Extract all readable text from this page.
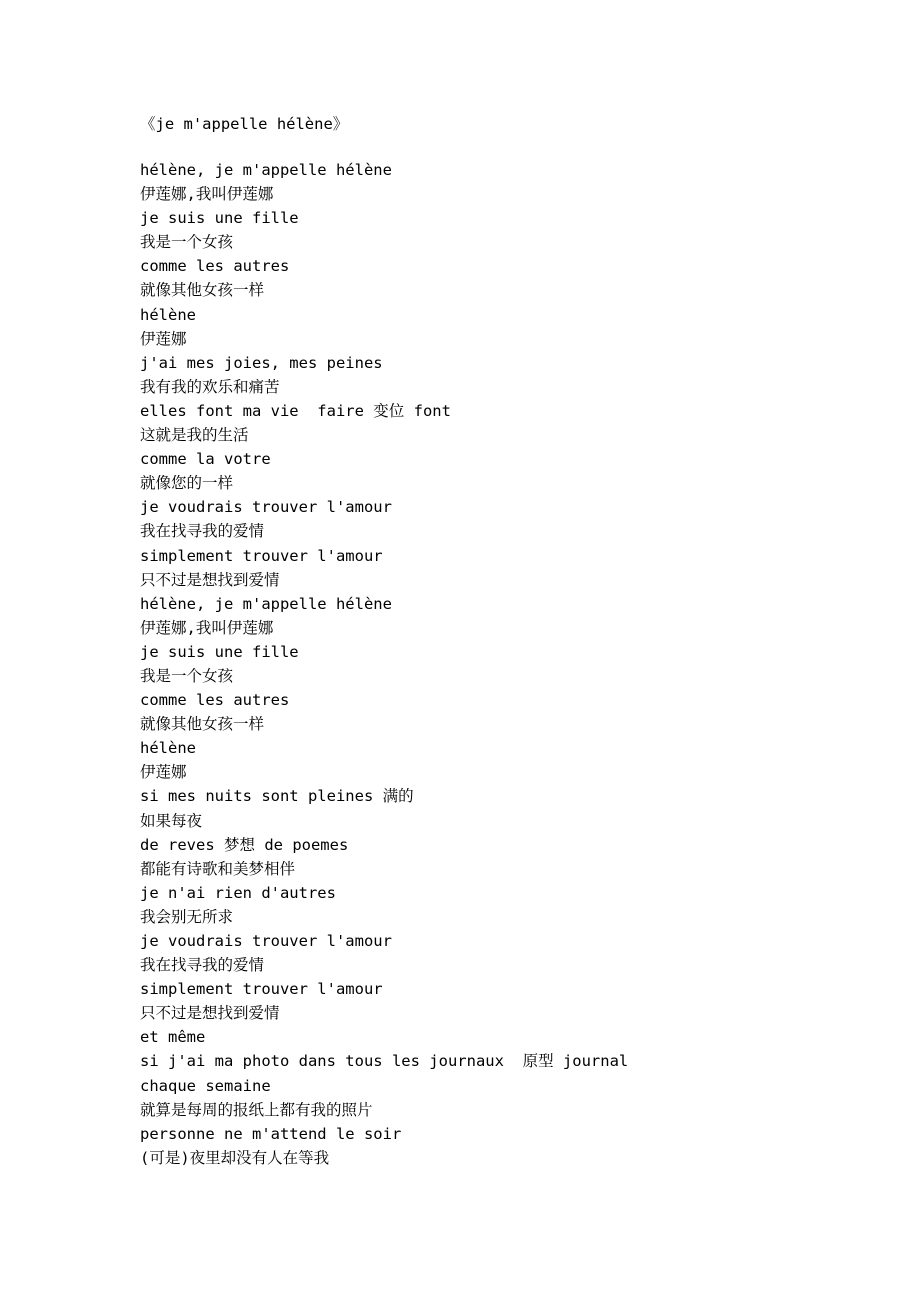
《je m'appelle hélène》
hélène, je m'appelle hélène
伊莲娜,我叫伊莲娜
je suis une fille
我是一个女孩
comme les autres
就像其他女孩一样
hélène
伊莲娜
j'ai mes joies, mes peines
我有我的欢乐和痛苦
elles font ma vie  faire 变位 font
这就是我的生活
comme la votre
就像您的一样
je voudrais trouver l'amour
我在找寻我的爱情
simplement trouver l'amour
只不过是想找到爱情
hélène, je m'appelle hélène
伊莲娜,我叫伊莲娜
je suis une fille
我是一个女孩
comme les autres
就像其他女孩一样
hélène
伊莲娜
si mes nuits sont pleines 满的
如果每夜
de reves 梦想 de poemes
都能有诗歌和美梦相伴
je n'ai rien d'autres
我会别无所求
je voudrais trouver l'amour
我在找寻我的爱情
simplement trouver l'amour
只不过是想找到爱情
et même
si j'ai ma photo dans tous les journaux  原型 journal
chaque semaine
就算是每周的报纸上都有我的照片
personne ne m'attend le soir
(可是)夜里却没有人在等我
